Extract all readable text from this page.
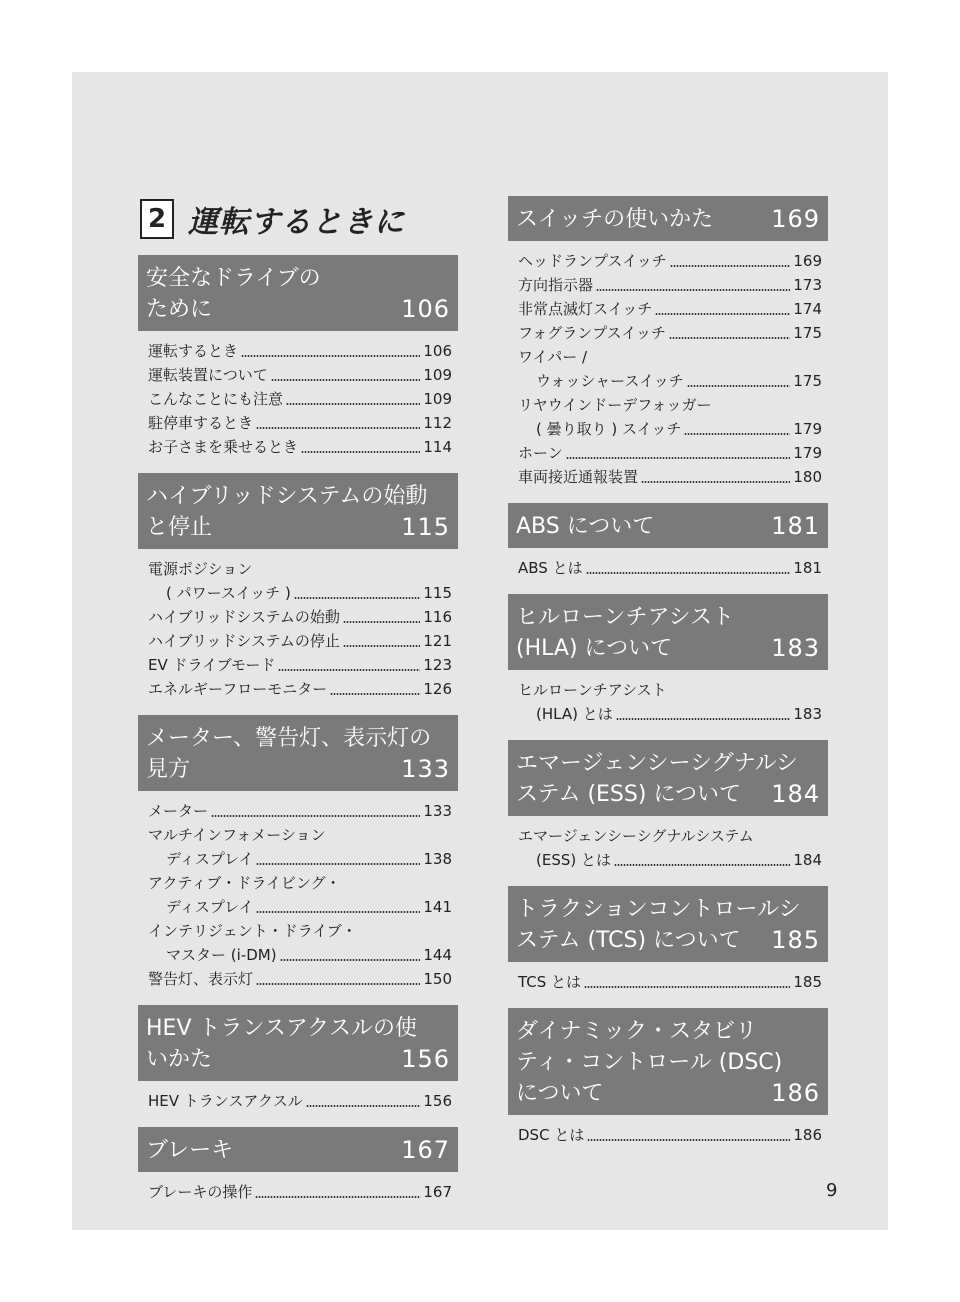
2 運転するときに
安全なドライブの
ために	106
運転するとき	106
運転装置について	109
こんなことにも注意	109
駐停車するとき	112
お子さまを乗せるとき	114
ハイブリッドシステムの始動
と停止	115
電源ポジション
( パワースイッチ )	115
ハイブリッドシステムの始動	116
ハイブリッドシステムの停止	121
EV ドライブモード	123
エネルギーフローモニター	126
メーター、警告灯、表示灯の
見方	133
メーター	133
マルチインフォメーション
ディスプレイ	138
アクティブ・ドライビング・
ディスプレイ	141
インテリジェント・ドライブ・
マスター (i-DM)	144
警告灯、表示灯	150
HEV トランスアクスルの使
いかた	156
HEV トランスアクスル	156
ブレーキ	167
ブレーキの操作	167
スイッチの使いかた 169
ヘッドランプスイッチ	169
方向指示器	173
非常点滅灯スイッチ	174
フォグランプスイッチ	175
ワイパー /
ウォッシャースイッチ	175
リヤウインドーデフォッガー
( 曇り取り ) スイッチ	179
ホーン	179
車両接近通報装置	180
ABS について	181
ABS とは	181
ヒルローンチアシスト
(HLA) について	183
ヒルローンチアシスト
(HLA) とは	183
エマージェンシーシグナルシ
ステム (ESS) について 184
エマージェンシーシグナルシステム
(ESS) とは	184
トラクションコントロールシ
ステム (TCS) について 185
TCS とは	185
ダイナミック・スタビリ
ティ・コントロール (DSC)
について	186
DSC とは	186
9
